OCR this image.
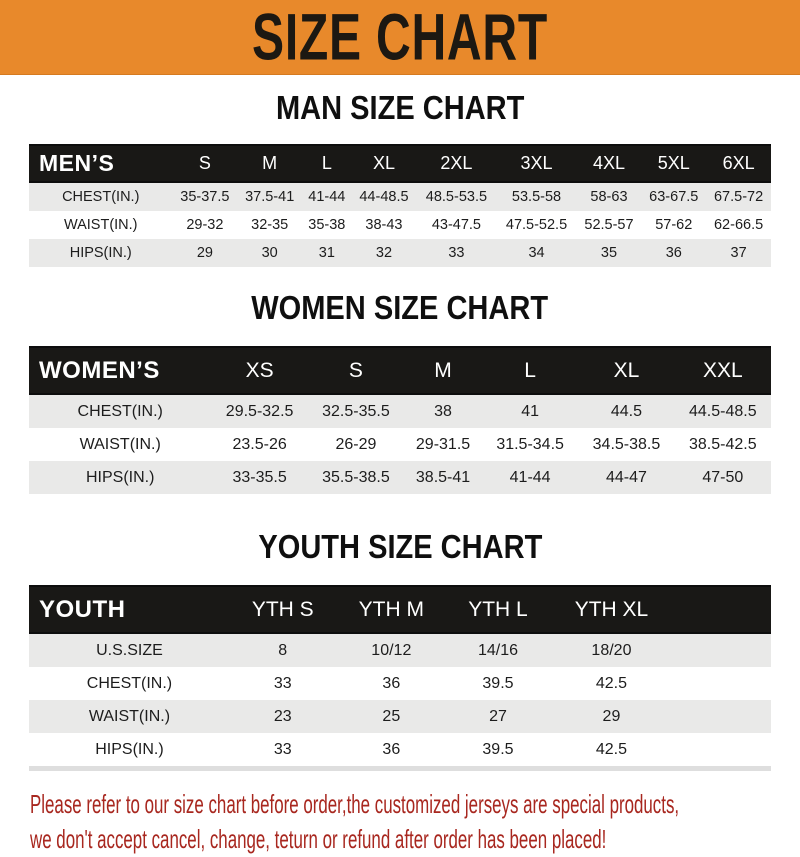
SIZE CHART
MAN SIZE CHART
MEN’S	S	M	L	XL	2XL	3XL	4XL	5XL	6XL
CHEST(IN.)	35-37.5	37.5-41	41-44	44-48.5	48.5-53.5	53.5-58	58-63	63-67.5	67.5-72
WAIST(IN.)	29-32	32-35	35-38	38-43	43-47.5	47.5-52.5	52.5-57	57-62	62-66.5
HIPS(IN.)	29	30	31	32	33	34	35	36	37
WOMEN SIZE CHART
WOMEN’S	XS	S	M	L	XL	XXL
CHEST(IN.)	29.5-32.5	32.5-35.5	38	41	44.5	44.5-48.5
WAIST(IN.)	23.5-26	26-29	29-31.5	31.5-34.5	34.5-38.5	38.5-42.5
HIPS(IN.)	33-35.5	35.5-38.5	38.5-41	41-44	44-47	47-50
YOUTH SIZE CHART
YOUTH	YTH S	YTH M	YTH L	YTH XL	
U.S.SIZE	8	10/12	14/16	18/20	
CHEST(IN.)	33	36	39.5	42.5	
WAIST(IN.)	23	25	27	29	
HIPS(IN.)	33	36	39.5	42.5	
Please refer to our size chart before order,the customized jerseys are special products,
we don't accept cancel, change, teturn or refund after order has been placed!
